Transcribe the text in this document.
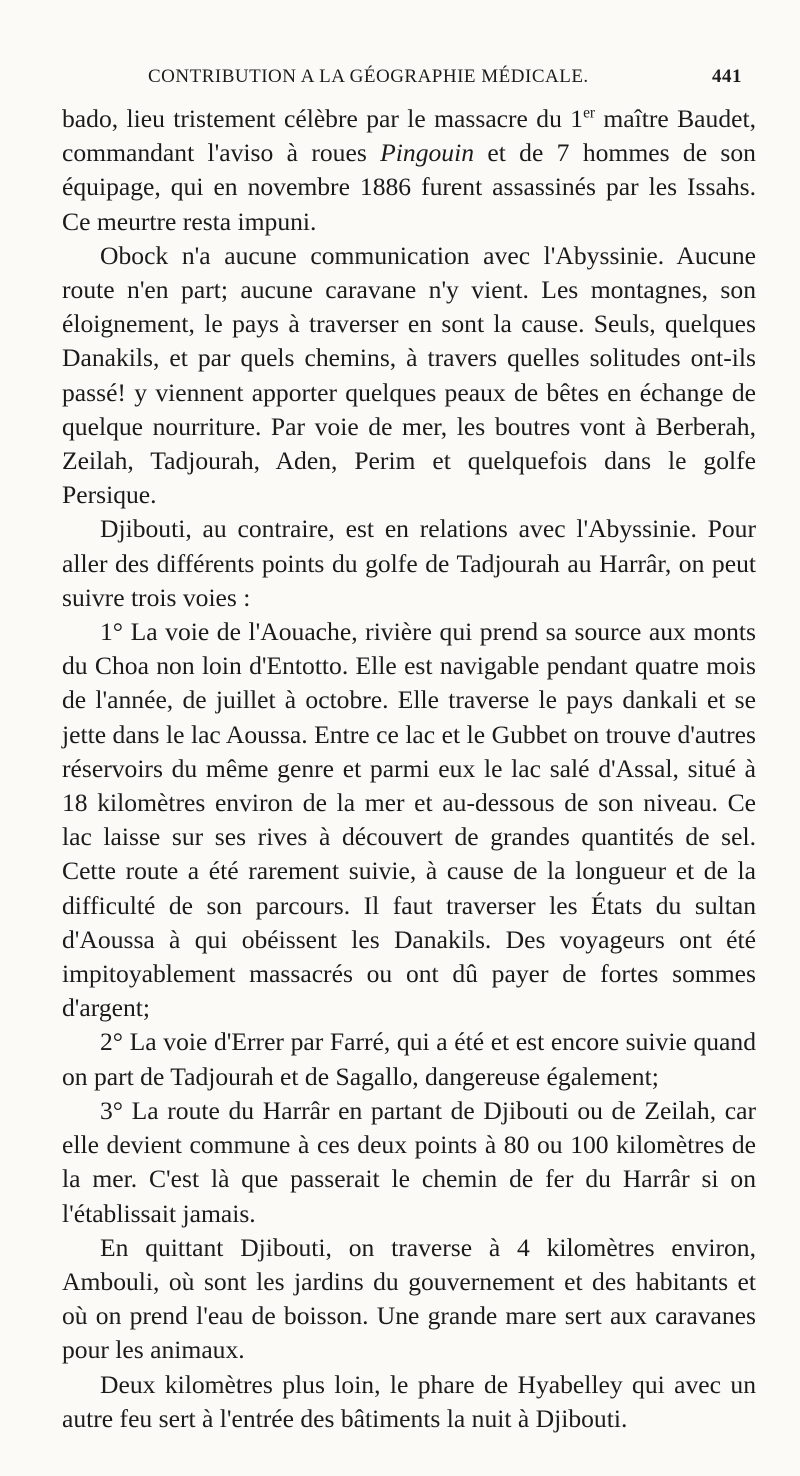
CONTRIBUTION A LA GÉOGRAPHIE MÉDICALE.	441

bado, lieu tristement célèbre par le massacre du 1er maître Baudet, commandant l'aviso à roues Pingouin et de 7 hommes de son équipage, qui en novembre 1886 furent assassinés par les Issahs. Ce meurtre resta impuni.

Obock n'a aucune communication avec l'Abyssinie. Aucune route n'en part; aucune caravane n'y vient. Les montagnes, son éloignement, le pays à traverser en sont la cause. Seuls, quelques Danakils, et par quels chemins, à travers quelles solitudes ont-ils passé! y viennent apporter quelques peaux de bêtes en échange de quelque nourriture. Par voie de mer, les boutres vont à Berberah, Zeilah, Tadjourah, Aden, Perim et quelquefois dans le golfe Persique.

Djibouti, au contraire, est en relations avec l'Abyssinie. Pour aller des différents points du golfe de Tadjourah au Harrâr, on peut suivre trois voies :

1° La voie de l'Aouache, rivière qui prend sa source aux monts du Choa non loin d'Entotto. Elle est navigable pendant quatre mois de l'année, de juillet à octobre. Elle traverse le pays dankali et se jette dans le lac Aoussa. Entre ce lac et le Gubbet on trouve d'autres réservoirs du même genre et parmi eux le lac salé d'Assal, situé à 18 kilomètres environ de la mer et au-dessous de son niveau. Ce lac laisse sur ses rives à découvert de grandes quantités de sel. Cette route a été rarement suivie, à cause de la longueur et de la difficulté de son parcours. Il faut traverser les États du sultan d'Aoussa à qui obéissent les Danakils. Des voyageurs ont été impitoyablement massacrés ou ont dû payer de fortes sommes d'argent;

2° La voie d'Errer par Farré, qui a été et est encore suivie quand on part de Tadjourah et de Sagallo, dangereuse également;

3° La route du Harrâr en partant de Djibouti ou de Zeilah, car elle devient commune à ces deux points à 80 ou 100 kilomètres de la mer. C'est là que passerait le chemin de fer du Harrâr si on l'établissait jamais.

En quittant Djibouti, on traverse à 4 kilomètres environ, Ambouli, où sont les jardins du gouvernement et des habitants et où on prend l'eau de boisson. Une grande mare sert aux caravanes pour les animaux.

Deux kilomètres plus loin, le phare de Hyabelley qui avec un autre feu sert à l'entrée des bâtiments la nuit à Djibouti.
